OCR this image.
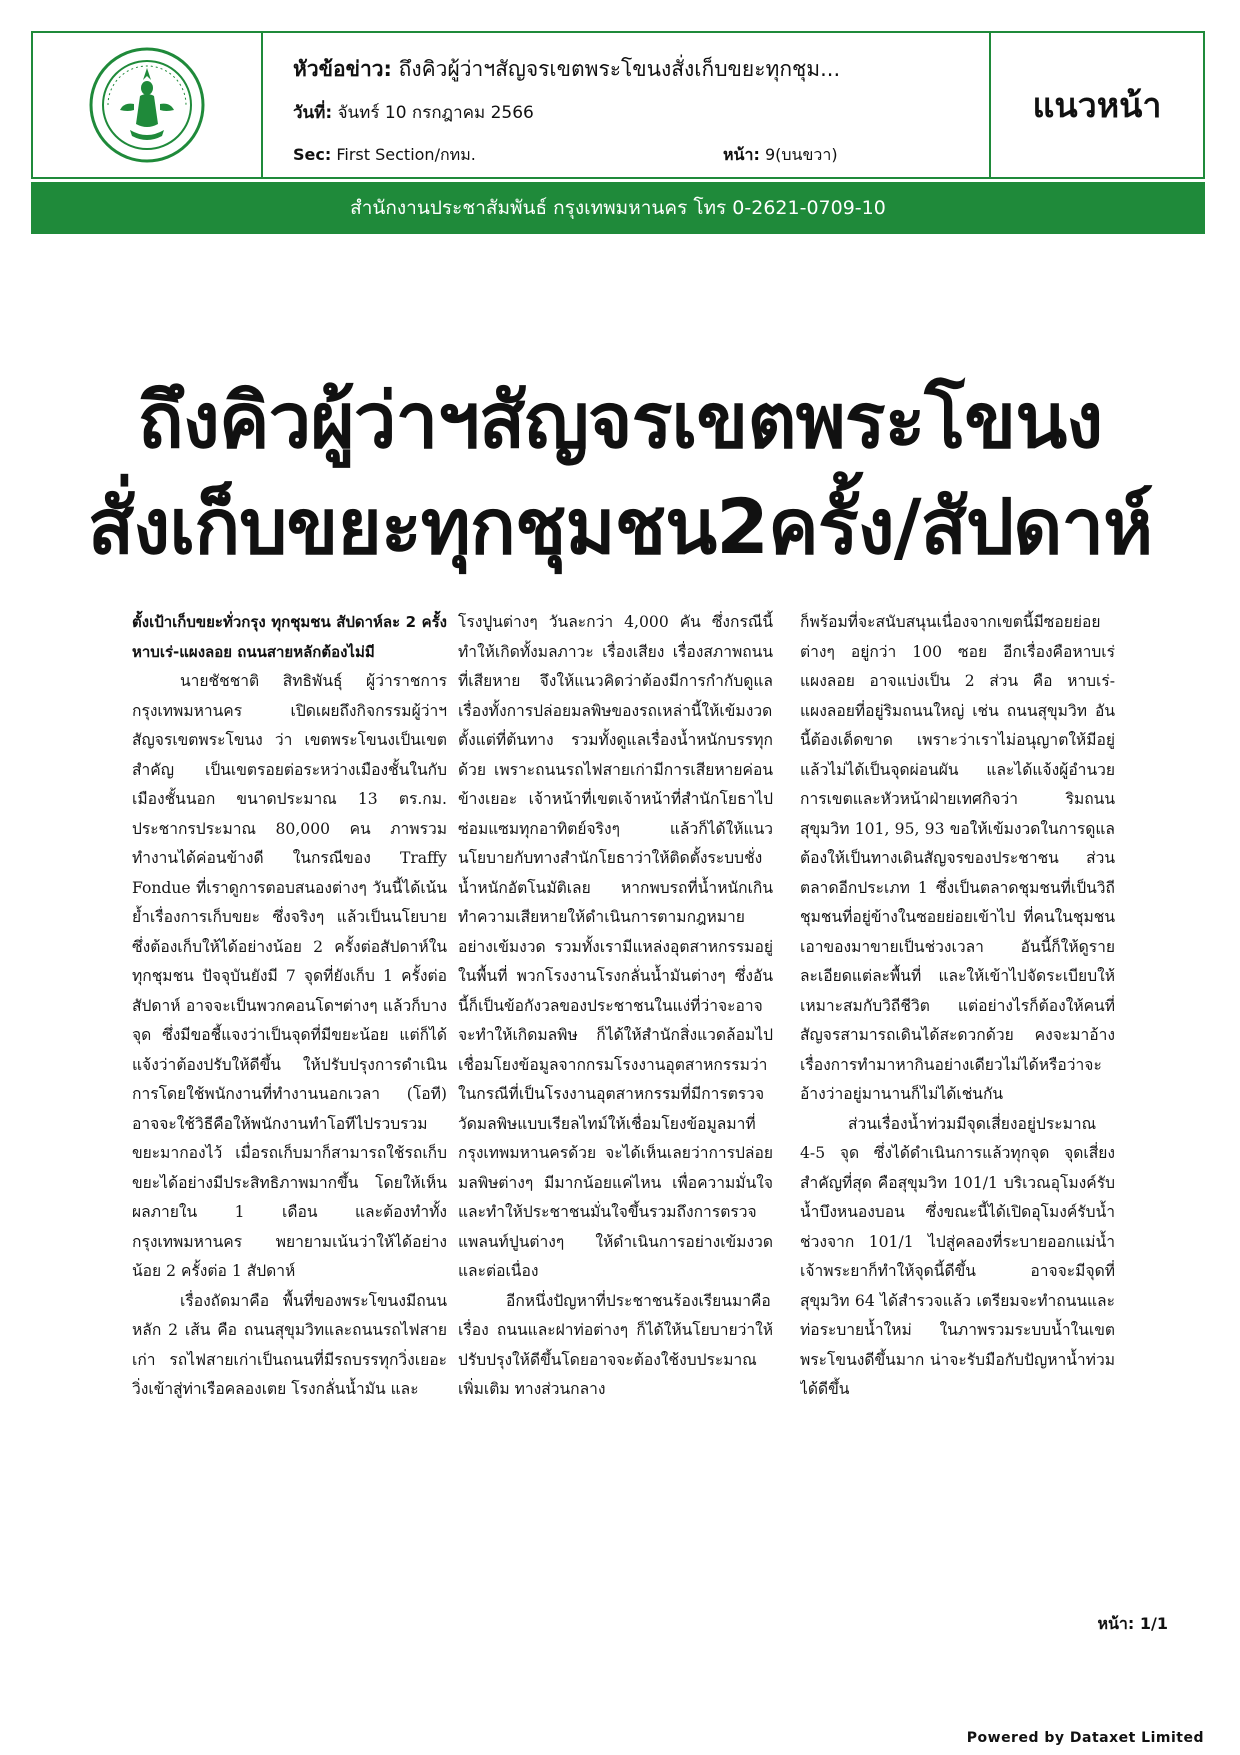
หัวข้อข่าว: ถึงคิวผู้ว่าฯสัญจรเขตพระโขนงสั่งเก็บขยะทุกชุม...
วันที่: จันทร์ 10 กรกฎาคม 2566
Sec: First Section/กทม.	หน้า: 9(บนขวา)
แนวหน้า
สำนักงานประชาสัมพันธ์ กรุงเทพมหานคร โทร 0-2621-0709-10
ถึงคิวผู้ว่าฯสัญจรเขตพระโขนง
สั่งเก็บขยะทุกชุมชน2ครั้ง/สัปดาห์

ตั้งเป้าเก็บขยะทั่วกรุง ทุกชุมชน สัปดาห์ละ 2 ครั้ง หาบเร่-แผงลอย ถนนสายหลักต้องไม่มี

นายชัชชาติ สิทธิพันธุ์ ผู้ว่าราชการกรุงเทพมหานคร เปิดเผยถึงกิจกรรมผู้ว่าฯ สัญจรเขตพระโขนง ว่า เขตพระโขนงเป็นเขตสำคัญ เป็นเขตรอยต่อระหว่างเมืองชั้นในกับเมืองชั้นนอก ขนาดประมาณ 13 ตร.กม. ประชากรประมาณ 80,000 คน ภาพรวมทำงานได้ค่อนข้างดี ในกรณีของ Traffy Fondue ที่เราดูการตอบสนองต่างๆ วันนี้ได้เน้นย้ำเรื่องการเก็บขยะ ซึ่งจริงๆ แล้วเป็นนโยบายซึ่งต้องเก็บให้ได้อย่างน้อย 2 ครั้งต่อสัปดาห์ในทุกชุมชน ปัจจุบันยังมี 7 จุดที่ยังเก็บ 1 ครั้งต่อสัปดาห์ อาจจะเป็นพวกคอนโดฯต่างๆ แล้วก็บางจุด ซึ่งมีขอชี้แจงว่าเป็นจุดที่มีขยะน้อย แต่ก็ได้แจ้งว่าต้องปรับให้ดีขึ้น ให้ปรับปรุงการดำเนินการโดยใช้พนักงานที่ทำงานนอกเวลา (โอที) อาจจะใช้วิธีคือให้พนักงานทำโอทีไปรวบรวมขยะมากองไว้ เมื่อรถเก็บมาก็สามารถใช้รถเก็บขยะได้อย่างมีประสิทธิภาพมากขึ้น โดยให้เห็นผลภายใน 1 เดือน และต้องทำทั้งกรุงเทพมหานคร พยายามเน้นว่าให้ได้อย่างน้อย 2 ครั้งต่อ 1 สัปดาห์

เรื่องถัดมาคือ พื้นที่ของพระโขนงมีถนนหลัก 2 เส้น คือ ถนนสุขุมวิทและถนนรถไฟสายเก่า รถไฟสายเก่าเป็นถนนที่มีรถบรรทุกวิ่งเยอะ วิ่งเข้าสู่ท่าเรือคลองเตย โรงกลั่นน้ำมัน และ

โรงปูนต่างๆ วันละกว่า 4,000 คัน ซึ่งกรณีนี้ทำให้เกิดทั้งมลภาวะ เรื่องเสียง เรื่องสภาพถนนที่เสียหาย จึงให้แนวคิดว่าต้องมีการกำกับดูแลเรื่องทั้งการปล่อยมลพิษของรถเหล่านี้ให้เข้มงวดตั้งแต่ที่ต้นทาง รวมทั้งดูแลเรื่องน้ำหนักบรรทุกด้วย เพราะถนนรถไฟสายเก่ามีการเสียหายค่อนข้างเยอะ เจ้าหน้าที่เขตเจ้าหน้าที่สำนักโยธาไปซ่อมแซมทุกอาทิตย์จริงๆ แล้วก็ได้ให้แนวนโยบายกับทางสำนักโยธาว่าให้ติดตั้งระบบชั่งน้ำหนักอัตโนมัติเลย หากพบรถที่น้ำหนักเกินทำความเสียหายให้ดำเนินการตามกฎหมายอย่างเข้มงวด รวมทั้งเรามีแหล่งอุตสาหกรรมอยู่ในพื้นที่ พวกโรงงานโรงกลั่นน้ำมันต่างๆ ซึ่งอันนี้ก็เป็นข้อกังวลของประชาชนในแง่ที่ว่าจะอาจจะทำให้เกิดมลพิษ ก็ได้ให้สำนักสิ่งแวดล้อมไปเชื่อมโยงข้อมูลจากกรมโรงงานอุตสาหกรรมว่า ในกรณีที่เป็นโรงงานอุตสาหกรรมที่มีการตรวจวัดมลพิษแบบเรียลไทม์ให้เชื่อมโยงข้อมูลมาที่กรุงเทพมหานครด้วย จะได้เห็นเลยว่าการปล่อยมลพิษต่างๆ มีมากน้อยแค่ไหน เพื่อความมั่นใจและทำให้ประชาชนมั่นใจขึ้นรวมถึงการตรวจแพลนท์ปูนต่างๆ ให้ดำเนินการอย่างเข้มงวดและต่อเนื่อง

อีกหนึ่งปัญหาที่ประชาชนร้องเรียนมาคือเรื่อง ถนนและฝาท่อต่างๆ ก็ได้ให้นโยบายว่าให้ปรับปรุงให้ดีขึ้นโดยอาจจะต้องใช้งบประมาณเพิ่มเติม ทางส่วนกลาง

ก็พร้อมที่จะสนับสนุนเนื่องจากเขตนี้มีซอยย่อยต่างๆ อยู่กว่า 100 ซอย อีกเรื่องคือหาบเร่แผงลอย อาจแบ่งเป็น 2 ส่วน คือ หาบเร่-แผงลอยที่อยู่ริมถนนใหญ่ เช่น ถนนสุขุมวิท อันนี้ต้องเด็ดขาด เพราะว่าเราไม่อนุญาตให้มีอยู่แล้วไม่ได้เป็นจุดผ่อนผัน และได้แจ้งผู้อำนวยการเขตและหัวหน้าฝ่ายเทศกิจว่า ริมถนนสุขุมวิท 101, 95, 93 ขอให้เข้มงวดในการดูแลต้องให้เป็นทางเดินสัญจรของประชาชน ส่วนตลาดอีกประเภท 1 ซึ่งเป็นตลาดชุมชนที่เป็นวิถีชุมชนที่อยู่ข้างในซอยย่อยเข้าไป ที่คนในชุมชนเอาของมาขายเป็นช่วงเวลา อันนี้ก็ให้ดูรายละเอียดแต่ละพื้นที่ และให้เข้าไปจัดระเบียบให้เหมาะสมกับวิถีชีวิต แต่อย่างไรก็ต้องให้คนที่สัญจรสามารถเดินได้สะดวกด้วย คงจะมาอ้างเรื่องการทำมาหากินอย่างเดียวไม่ได้หรือว่าจะอ้างว่าอยู่มานานก็ไม่ได้เช่นกัน

ส่วนเรื่องน้ำท่วมมีจุดเสี่ยงอยู่ประมาณ 4-5 จุด ซึ่งได้ดำเนินการแล้วทุกจุด จุดเสี่ยงสำคัญที่สุด คือสุขุมวิท 101/1 บริเวณอุโมงค์รับน้ำบึงหนองบอน ซึ่งขณะนี้ได้เปิดอุโมงค์รับน้ำช่วงจาก 101/1 ไปสู่คลองที่ระบายออกแม่น้ำเจ้าพระยาก็ทำให้จุดนี้ดีขึ้น อาจจะมีจุดที่ สุขุมวิท 64 ได้สำรวจแล้ว เตรียมจะทำถนนและท่อระบายน้ำใหม่ ในภาพรวมระบบน้ำในเขตพระโขนงดีขึ้นมาก น่าจะรับมือกับปัญหาน้ำท่วมได้ดีขึ้น

หน้า: 1/1
Powered by Dataxet Limited
